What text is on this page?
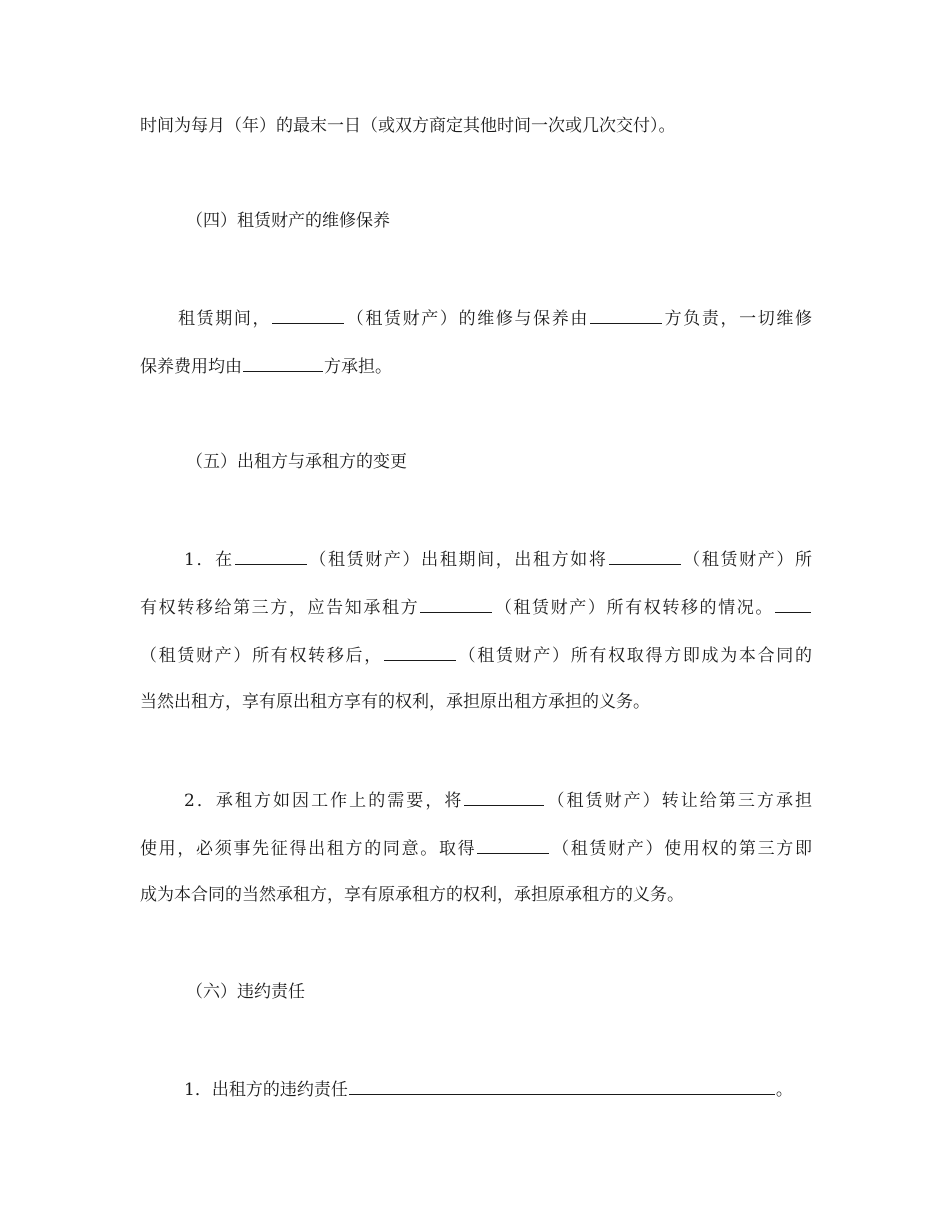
时间为每月（年）的最末一日（或双方商定其他时间一次或几次交付）。
（四）租赁财产的维修保养
租赁期间，	（租赁财产）的维修与保养由	方负责，一切维修
保养费用均由	方承担。
（五）出租方与承租方的变更
1．在	（租赁财产）出租期间，出租方如将	（租赁财产）所
有权转移给第三方，应告知承租方	（租赁财产）所有权转移的情况。
（租赁财产）所有权转移后，	（租赁财产）所有权取得方即成为本合同的
当然出租方，享有原出租方享有的权利，承担原出租方承担的义务。
2．承租方如因工作上的需要，将	（租赁财产）转让给第三方承担
使用，必须事先征得出租方的同意。取得	（租赁财产）使用权的第三方即
成为本合同的当然承租方，享有原承租方的权利，承担原承租方的义务。
（六）违约责任
1．出租方的违约责任	。
